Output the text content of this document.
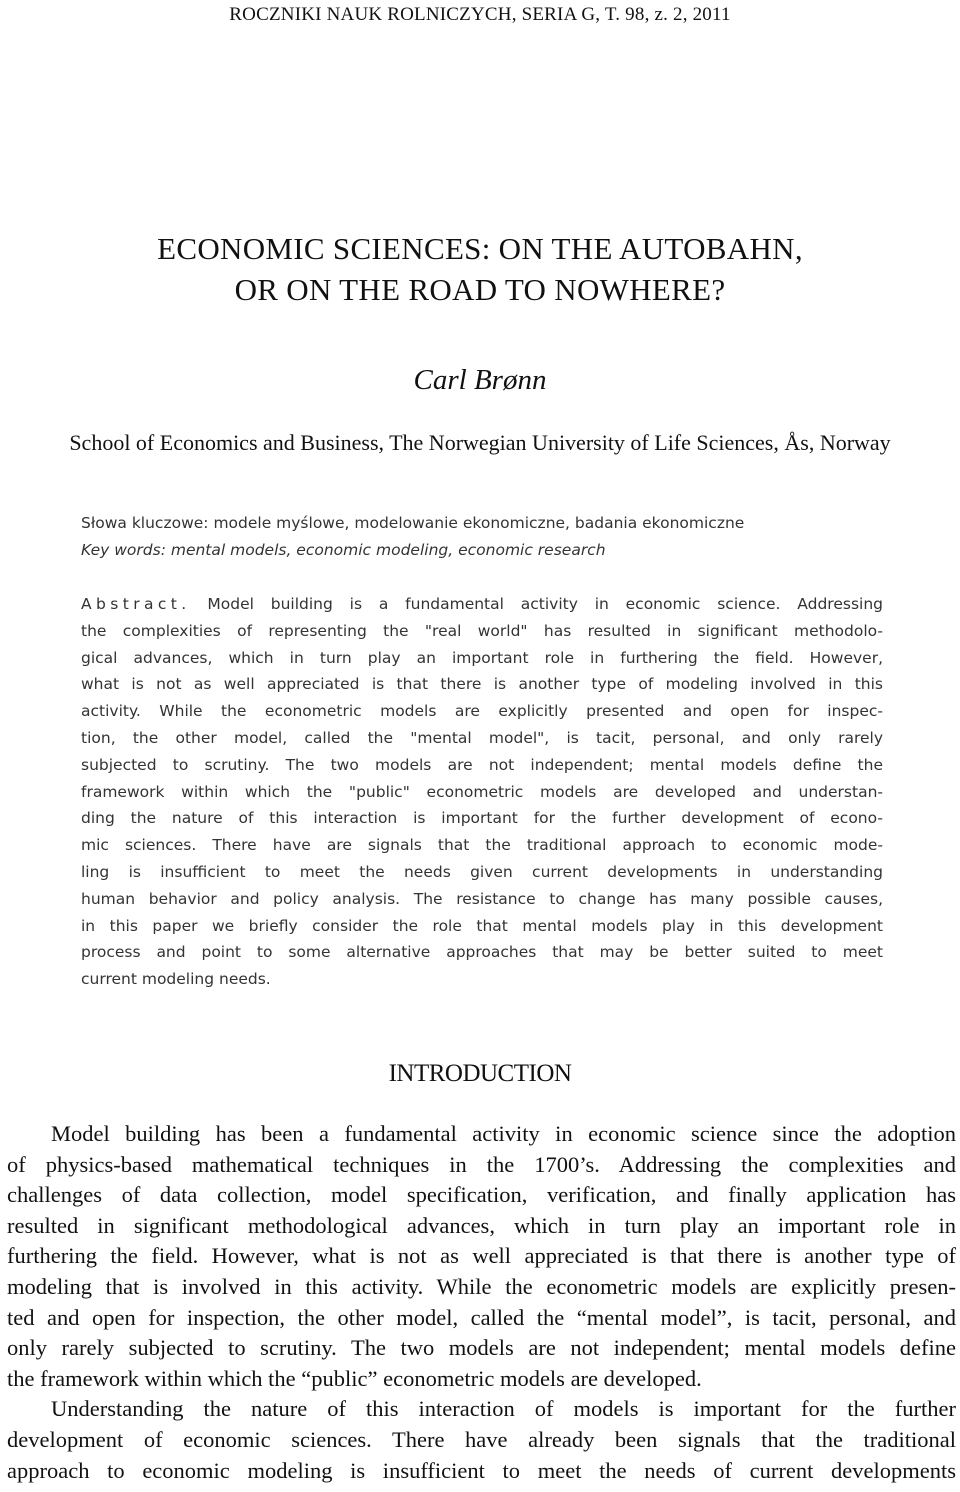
ROCZNIKI NAUK ROLNICZYCH, SERIA G, T. 98, z. 2, 2011
ECONOMIC SCIENCES: ON THE AUTOBAHN,
OR ON THE ROAD TO NOWHERE?
Carl Brønn
School of Economics and Business, The Norwegian University of Life Sciences, Ås, Norway
Słowa kluczowe: modele myślowe, modelowanie ekonomiczne, badania ekonomiczne
Key words: mental models, economic modeling, economic research
Abstract. Model building is a fundamental activity in economic science. Addressing
the complexities of representing the "real world" has resulted in significant methodolo-
gical advances, which in turn play an important role in furthering the field. However,
what is not as well appreciated is that there is another type of modeling involved in this
activity. While the econometric models are explicitly presented and open for inspec-
tion, the other model, called the "mental model", is tacit, personal, and only rarely
subjected to scrutiny. The two models are not independent; mental models define the
framework within which the "public" econometric models are developed and understan-
ding the nature of this interaction is important for the further development of econo-
mic sciences. There have are signals that the traditional approach to economic mode-
ling is insufficient to meet the needs given current developments in understanding
human behavior and policy analysis. The resistance to change has many possible causes,
in this paper we briefly consider the role that mental models play in this development
process and point to some alternative approaches that may be better suited to meet
current modeling needs.
INTRODUCTION
Model building has been a fundamental activity in economic science since the adoption
of physics-based mathematical techniques in the 1700’s. Addressing the complexities and
challenges of data collection, model specification, verification, and finally application has
resulted in significant methodological advances, which in turn play an important role in
furthering the field. However, what is not as well appreciated is that there is another type of
modeling that is involved in this activity. While the econometric models are explicitly presen-
ted and open for inspection, the other model, called the “mental model”, is tacit, personal, and
only rarely subjected to scrutiny. The two models are not independent; mental models define
the framework within which the “public” econometric models are developed.
Understanding the nature of this interaction of models is important for the further
development of economic sciences. There have already been signals that the traditional
approach to economic modeling is insufficient to meet the needs of current developments
